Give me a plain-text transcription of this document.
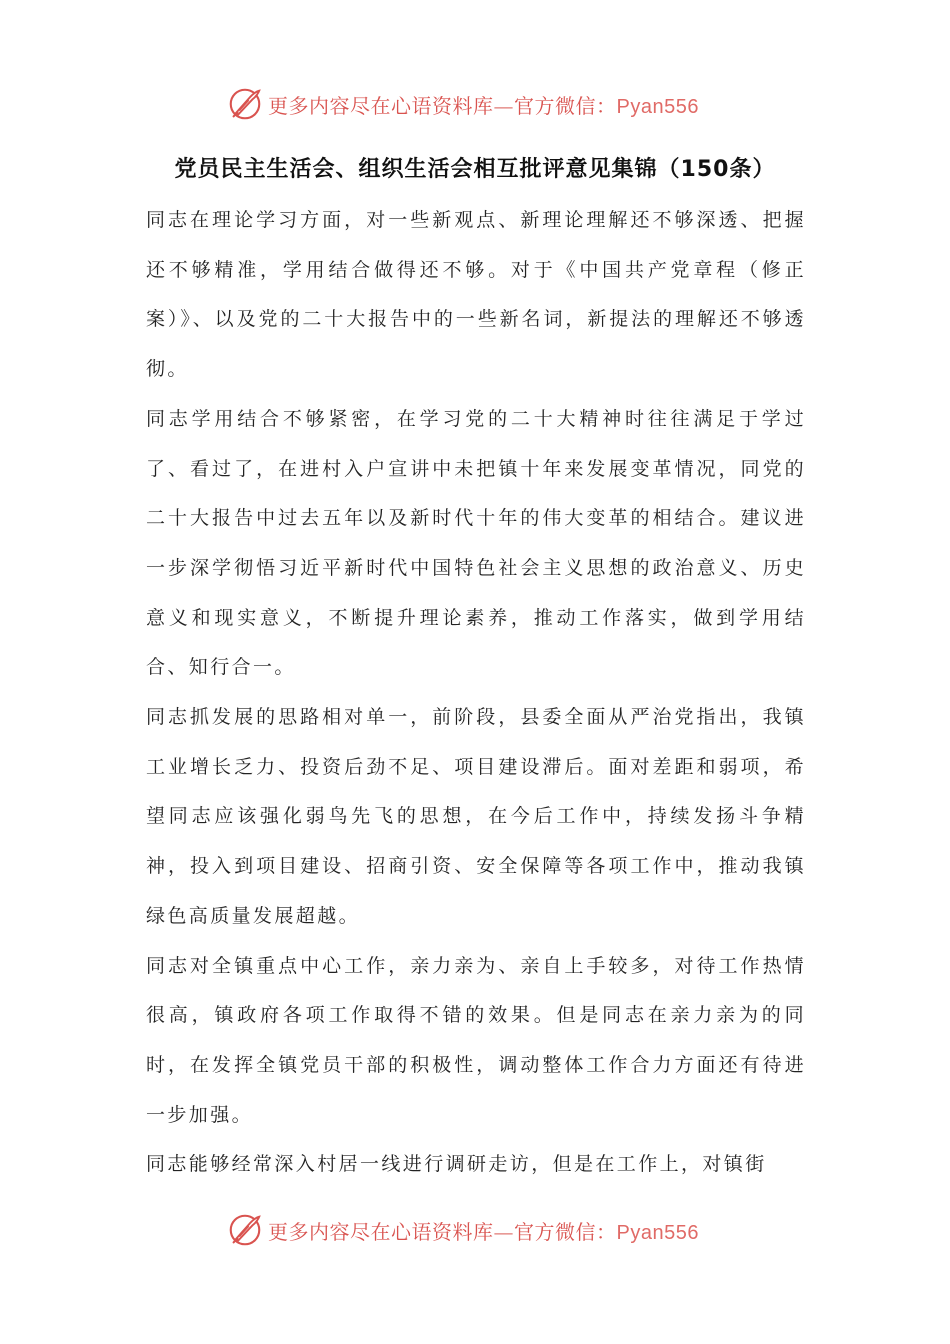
更多内容尽在心语资料库—官方微信：Pyan556
党员民主生活会、组织生活会相互批评意见集锦（150条）

同志在理论学习方面，对一些新观点、新理论理解还不够深透、把握还不够精准，学用结合做得还不够。对于《中国共产党章程（修正案）》、以及党的二十大报告中的一些新名词，新提法的理解还不够透彻。

同志学用结合不够紧密，在学习党的二十大精神时往往满足于学过了、看过了，在进村入户宣讲中未把镇十年来发展变革情况，同党的二十大报告中过去五年以及新时代十年的伟大变革的相结合。建议进一步深学彻悟习近平新时代中国特色社会主义思想的政治意义、历史意义和现实意义，不断提升理论素养，推动工作落实，做到学用结合、知行合一。

同志抓发展的思路相对单一，前阶段，县委全面从严治党指出，我镇工业增长乏力、投资后劲不足、项目建设滞后。面对差距和弱项，希望同志应该强化弱鸟先飞的思想，在今后工作中，持续发扬斗争精神，投入到项目建设、招商引资、安全保障等各项工作中，推动我镇绿色高质量发展超越。

同志对全镇重点中心工作，亲力亲为、亲自上手较多，对待工作热情很高，镇政府各项工作取得不错的效果。但是同志在亲力亲为的同时，在发挥全镇党员干部的积极性，调动整体工作合力方面还有待进一步加强。

同志能够经常深入村居一线进行调研走访，但是在工作上，对镇街

更多内容尽在心语资料库—官方微信：Pyan556
